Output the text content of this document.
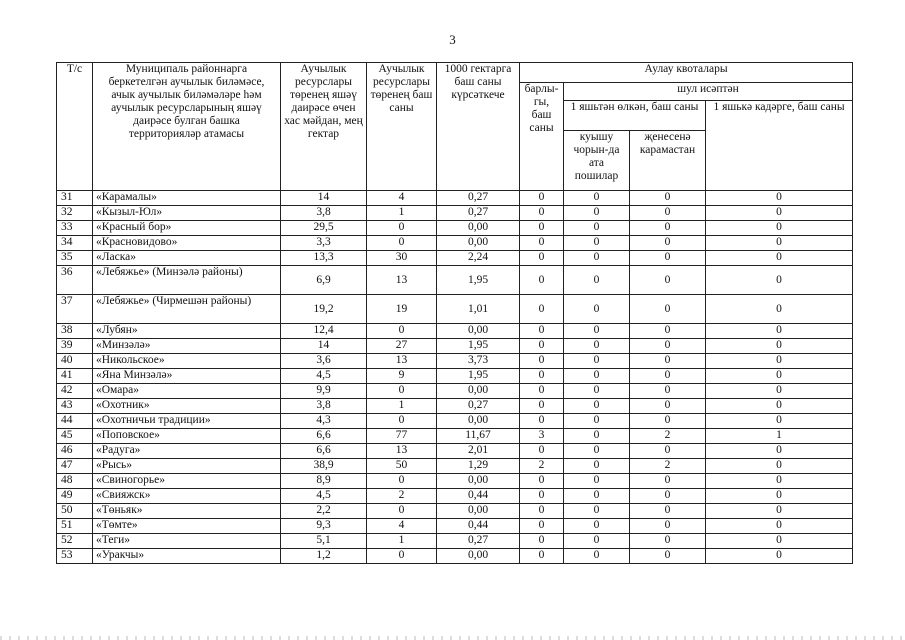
3
Т/с	Муниципаль районнарга беркетелгән аучылык биләмәсе, ачык аучылык биләмәләре һәм аучылык ресурсларының яшәү даирәсе булган башка территорияләр атамасы	Аучылык ресурслары төренең яшәү даирәсе өчен хас мәйдан, мең гектар	Аучылык ресурслары төренең баш саны	1000 гектарга баш саны күрсәткече	Аулау квоталары			
					барлы-гы, баш саны	шул исәптән		
						1 яшьтән өлкән, баш саны		1 яшькә кадәрге, баш саны
						куышу чорын-да ата пошилар	җенесенә карамастан	
31	«Карамалы»	14	4	0,27	0	0	0	0
32	«Кызыл-Юл»	3,8	1	0,27	0	0	0	0
33	«Красный бор»	29,5	0	0,00	0	0	0	0
34	«Красновидово»	3,3	0	0,00	0	0	0	0
35	«Ласка»	13,3	30	2,24	0	0	0	0
36	«Лебяжье» (Минзәлә районы)	6,9	13	1,95	0	0	0	0
37	«Лебяжье» (Чирмешән районы)	19,2	19	1,01	0	0	0	0
38	«Лубян»	12,4	0	0,00	0	0	0	0
39	«Минзәлә»	14	27	1,95	0	0	0	0
40	«Никольское»	3,6	13	3,73	0	0	0	0
41	«Яна Минзәлә»	4,5	9	1,95	0	0	0	0
42	«Омара»	9,9	0	0,00	0	0	0	0
43	«Охотник»	3,8	1	0,27	0	0	0	0
44	«Охотничьи традиции»	4,3	0	0,00	0	0	0	0
45	«Поповское»	6,6	77	11,67	3	0	2	1
46	«Радуга»	6,6	13	2,01	0	0	0	0
47	«Рысь»	38,9	50	1,29	2	0	2	0
48	«Свиногорье»	8,9	0	0,00	0	0	0	0
49	«Свияжск»	4,5	2	0,44	0	0	0	0
50	«Төньяк»	2,2	0	0,00	0	0	0	0
51	«Төмте»	9,3	4	0,44	0	0	0	0
52	«Теги»	5,1	1	0,27	0	0	0	0
53	«Уракчы»	1,2	0	0,00	0	0	0	0
